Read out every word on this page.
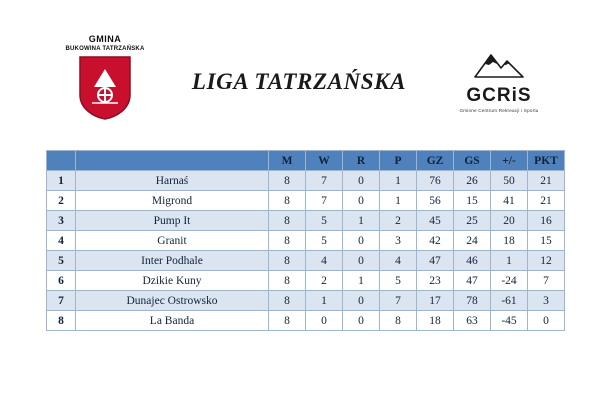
GMINA
BUKOWINA TATRZAŃSKA
LIGA TATRZAŃSKA
GCRiS
Gminne Centrum Rekreacji i Sportu
		M	W	R	P	GZ	GS	+/-	PKT
1	Harnaś	8	7	0	1	76	26	50	21
2	Migrond	8	7	0	1	56	15	41	21
3	Pump It	8	5	1	2	45	25	20	16
4	Granit	8	5	0	3	42	24	18	15
5	Inter Podhale	8	4	0	4	47	46	1	12
6	Dzikie Kuny	8	2	1	5	23	47	-24	7
7	Dunajec Ostrowsko	8	1	0	7	17	78	-61	3
8	La Banda	8	0	0	8	18	63	-45	0
